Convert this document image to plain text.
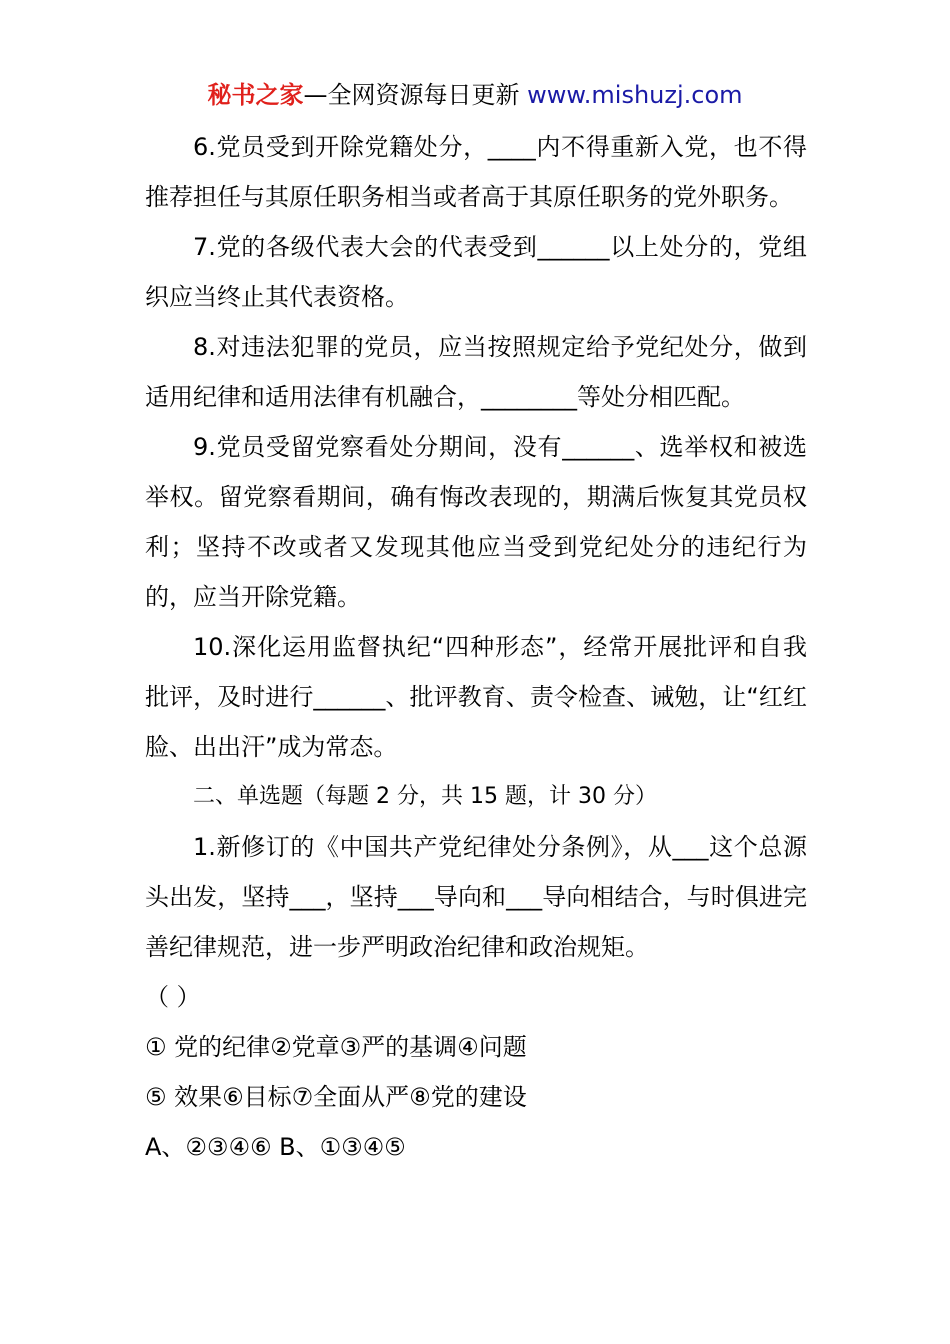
秘书之家—全网资源每日更新 www.mishuzj.com

6.党员受到开除党籍处分，____内不得重新入党，也不得推荐担任与其原任职务相当或者高于其原任职务的党外职务。

7.党的各级代表大会的代表受到______以上处分的，党组织应当终止其代表资格。

8.对违法犯罪的党员，应当按照规定给予党纪处分，做到适用纪律和适用法律有机融合，________等处分相匹配。

9.党员受留党察看处分期间，没有______、选举权和被选举权。留党察看期间，确有悔改表现的，期满后恢复其党员权利；坚持不改或者又发现其他应当受到党纪处分的违纪行为的，应当开除党籍。

10.深化运用监督执纪“四种形态”，经常开展批评和自我批评，及时进行______、批评教育、责令检查、诫勉，让“红红脸、出出汗”成为常态。

二、单选题（每题 2 分，共 15 题，计 30 分）

1.新修订的《中国共产党纪律处分条例》，从___这个总源头出发，坚持___，坚持___导向和___导向相结合，与时俱进完善纪律规范，进一步严明政治纪律和政治规矩。

（ ）

① 党的纪律②党章③严的基调④问题

⑤ 效果⑥目标⑦全面从严⑧党的建设

A、②③④⑥ B、①③④⑤
